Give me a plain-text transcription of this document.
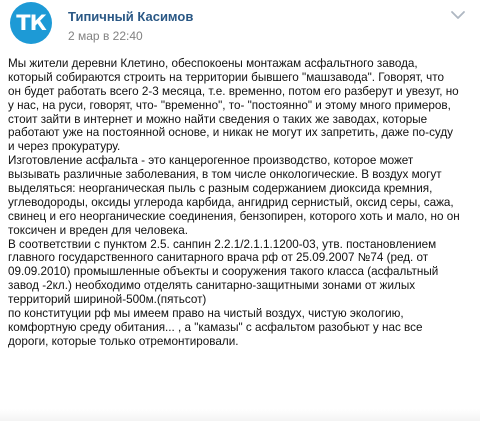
ТК Типичный Касимов
2 мар в 22:40
Мы жители деревни Клетино, обеспокоены монтажам асфальтного завода,
который собираются строить на территории бывшего "машзавода". Говорят, что
он будет работать всего 2-3 месяца, т.е. временно, потом его разберут и увезут, но
у нас, на руси, говорят, что- "временно", то- "постоянно" и этому много примеров,
стоит зайти в интернет и можно найти сведения о таких же заводах, которые
работают уже на постоянной основе, и никак не могут их запретить, даже по-суду
и через прокуратуру.
Изготовление асфальта - это канцерогенное производство, которое может
вызывать различные заболевания, в том числе онкологические. В воздух могут
выделяться: неорганическая пыль с разным содержанием диоксида кремния,
углеводороды, оксиды углерода карбида, ангидрид сернистый, оксид серы, сажа,
свинец и его неорганические соединения, бензопирен, которого хоть и мало, но он
токсичен и вреден для человека.
В соответствии с пунктом 2.5. санпин 2.2.1/2.1.1.1200-03, утв. постановлением
главного государственного санитарного врача рф от 25.09.2007 №74 (ред. от
09.09.2010) промышленные объекты и сооружения такого класса (асфальтный
завод -2кл.) необходимо отделять санитарно-защитными зонами от жилых
территорий шириной-500м.(пятьсот)
по конституции рф мы имеем право на чистый воздух, чистую экологию,
комфортную среду обитания... , а "камазы" с асфальтом разобьют у нас все
дороги, которые только отремонтировали.
